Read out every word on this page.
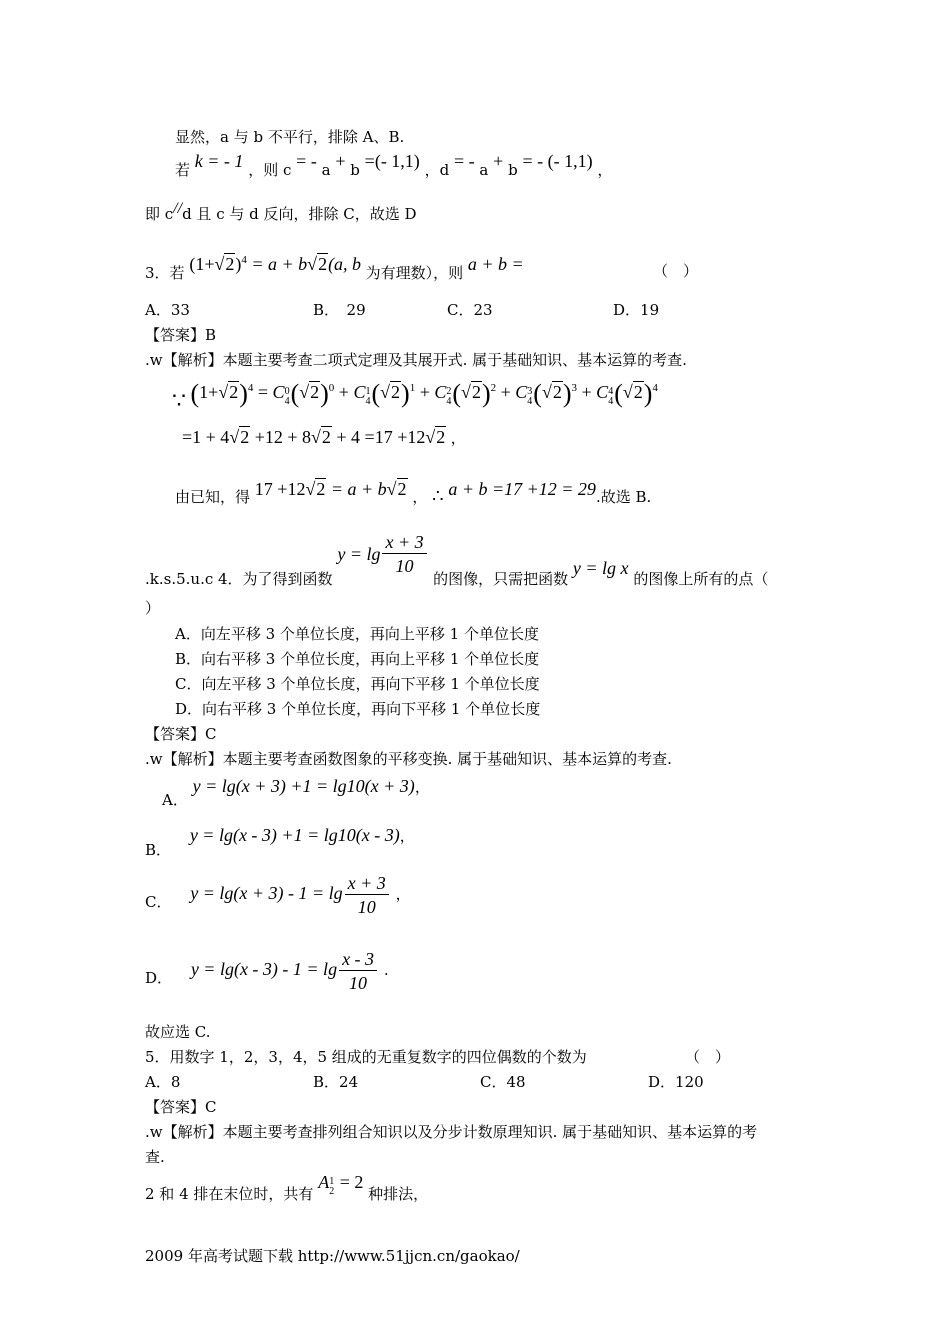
显然，a 与 b 不平行，排除 A、B.
若 k = - 1 ，则 c = - a + b =(- 1,1) ，d = - a + b = - (- 1,1) ，
即 c//d 且 c 与 d 反向，排除 C，故选 D
3．若 $(1+√2)^4 = a + b√2(a$, b 为有理数），则 a + b =	（　）
A．33	B．　29	C．23	D．19
【答案】B
.w【解析】本题主要考查二项式定理及其展开式. 属于基础知识、基本运算的考查.
∵ $(1+√2)^4 = C$ 0
4 $(√2)^0 + C$ 1
4 $(√2)^1 + C$ 2
4 $(√2)^2 + C$ 3
4 $(√2)^3 + C$ 4
4 $(√2)^4$
=1 + 4√2 +12 + 8√2 + 4 =17 +12√2 ，
由已知，得 17 +12√2 = a + b√2 ， ∴ a + b =17 +12 = 29.故选 B.
.k.s.5.u.c 4．为了得到函数 $y = \lg \frac{x + 3}{10}$
的图像，只需把函数 y = lg x 的图像上所有的点（
）
A．向左平移 3 个单位长度，再向上平移 1 个单位长度
B．向右平移 3 个单位长度，再向上平移 1 个单位长度
C．向左平移 3 个单位长度，再向下平移 1 个单位长度
D．向右平移 3 个单位长度，再向下平移 1 个单位长度
【答案】C
.w【解析】本题主要考查函数图象的平移变换. 属于基础知识、基本运算的考查.
A． y = lg(x + 3) +1 = lg10(x + 3)，
B． y = lg(x - 3) +1 = lg10(x - 3)，
C． $y = \lg(x + 3) - 1 = \lg \frac{x + 3}{10}$ ，
D． $y = \lg(x - 3) - 1 = \lg \frac{x - 3}{10}$ .
故应选 C.
5．用数字 1，2，3，4，5 组成的无重复数字的四位偶数的个数为	（　）
A．8	B．24	C．48	D．120
【答案】C
.w【解析】本题主要考查排列组合知识以及分步计数原理知识. 属于基础知识、基本运算的考
查.
2 和 4 排在末位时，共有 A 1
2 = 2 种排法，
2009 年高考试题下载 http://www.51jjcn.cn/gaokao/
